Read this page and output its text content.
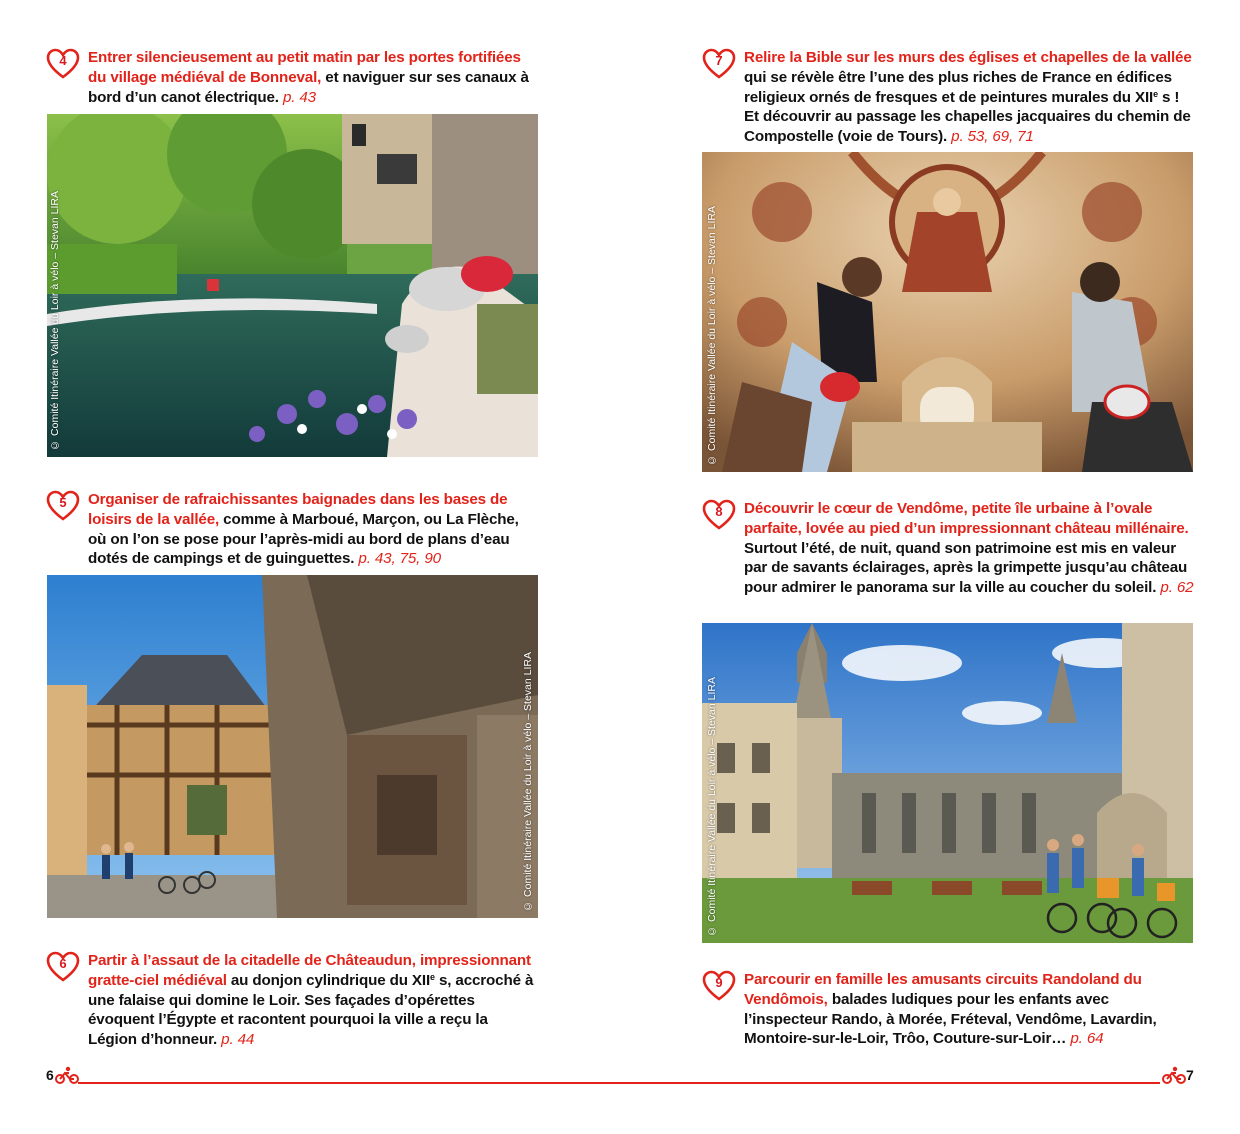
4	Entrer silencieusement au petit matin par les portes fortifiées du village médiéval de Bonneval, et naviguer sur ses canaux à bord d’un canot électrique. p. 43
© Comité Itinéraire Vallée du Loir à vélo – Stevan LIRA
5	Organiser de rafraichissantes baignades dans les bases de loisirs de la vallée, comme à Marboué, Marçon, ou La Flèche, où on l’on se pose pour l’après-midi au bord de plans d’eau dotés de campings et de guinguettes. p. 43, 75, 90
© Comité Itinéraire Vallée du Loir à vélo – Stevan LIRA
6	Partir à l’assaut de la citadelle de Châteaudun, impressionnant gratte-ciel médiéval au donjon cylindrique du XIIe s, accroché à une falaise qui domine le Loir. Ses façades d’opérettes évoquent l’Égypte et racontent pourquoi la ville a reçu la Légion d’honneur. p. 44
6
7	Relire la Bible sur les murs des églises et chapelles de la vallée qui se révèle être l’une des plus riches de France en édifices religieux ornés de fresques et de peintures murales du XIIe s ! Et découvrir au passage les chapelles jacquaires du chemin de Compostelle (voie de Tours). p. 53, 69, 71
© Comité Itinéraire Vallée du Loir à vélo – Stevan LIRA
8	Découvrir le cœur de Vendôme, petite île urbaine à l’ovale parfaite, lovée au pied d’un impressionnant château millénaire. Surtout l’été, de nuit, quand son patrimoine est mis en valeur par de savants éclairages, après la grimpette jusqu’au château pour admirer le panorama sur la ville au coucher du soleil. p. 62
© Comité Itinéraire Vallée du Loir à vélo – Stevan LIRA
9	Parcourir en famille les amusants circuits Randoland du Vendômois, balades ludiques pour les enfants avec l’inspecteur Rando, à Morée, Fréteval, Vendôme, Lavardin, Montoire-sur-le-Loir, Trôo, Couture-sur-Loir… p. 64
7
